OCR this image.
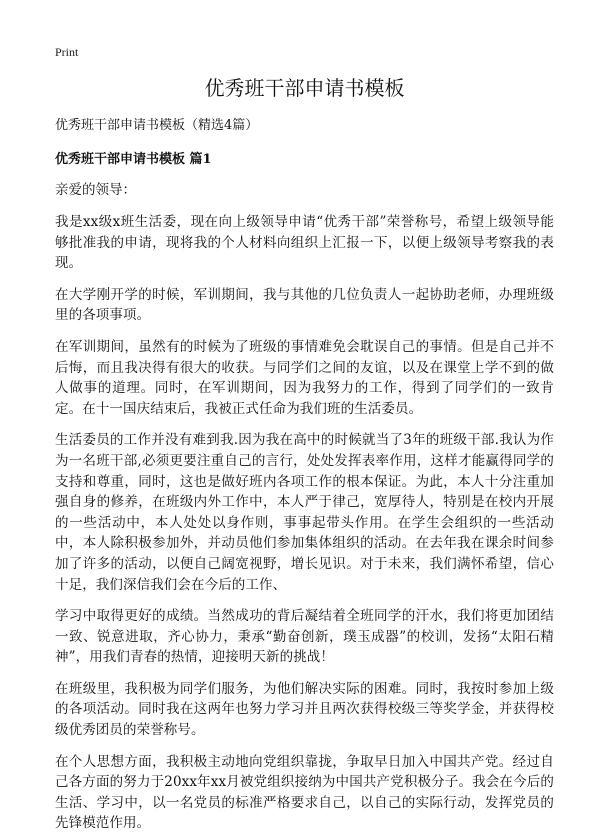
Print
优秀班干部申请书模板
优秀班干部申请书模板（精选4篇）
优秀班干部申请书模板 篇1
亲爱的领导：

我是xx级x班生活委，现在向上级领导申请“优秀干部”荣誉称号，希望上级领导能够批准我的申请，现将我的个人材料向组织上汇报一下，以便上级领导考察我的表现。

在大学刚开学的时候，军训期间，我与其他的几位负责人一起协助老师，办理班级里的各项事项。

在军训期间，虽然有的时候为了班级的事情难免会耽误自己的事情。但是自己并不后悔，而且我决得有很大的收获。与同学们之间的友谊，以及在课堂上学不到的做人做事的道理。同时，在军训期间，因为我努力的工作，得到了同学们的一致肯定。在十一国庆结束后，我被正式任命为我们班的生活委员。

生活委员的工作并没有难到我.因为我在高中的时候就当了3年的班级干部.我认为作为一名班干部,必须更要注重自己的言行，处处发挥表率作用，这样才能赢得同学的支持和尊重，同时，这也是做好班内各项工作的根本保证。为此，本人十分注重加强自身的修养，在班级内外工作中，本人严于律己，宽厚待人，特别是在校内开展的一些活动中，本人处处以身作则，事事起带头作用。在学生会组织的一些活动中，本人除积极参加外，并动员他们参加集体组织的活动。在去年我在课余时间参加了许多的活动，以便自己阔宽视野，增长见识。对于未来，我们满怀希望，信心十足，我们深信我们会在今后的工作、

学习中取得更好的成绩。当然成功的背后凝结着全班同学的汗水，我们将更加团结一致、锐意进取，齐心协力，秉承“勤奋创新，璞玉成器”的校训，发扬“太阳石精神”，用我们青春的热情，迎接明天新的挑战！

在班级里，我积极为同学们服务，为他们解决实际的困难。同时，我按时参加上级的各项活动。同时我在这两年也努力学习并且两次获得校级三等奖学金，并获得校级优秀团员的荣誉称号。

在个人思想方面，我积极主动地向党组织靠拢，争取早日加入中国共产党。经过自己各方面的努力于20xx年xx月被党组织接纳为中国共产党积极分子。我会在今后的生活、学习中，以一名党员的标准严格要求自己，以自己的实际行动，发挥党员的先锋模范作用。
